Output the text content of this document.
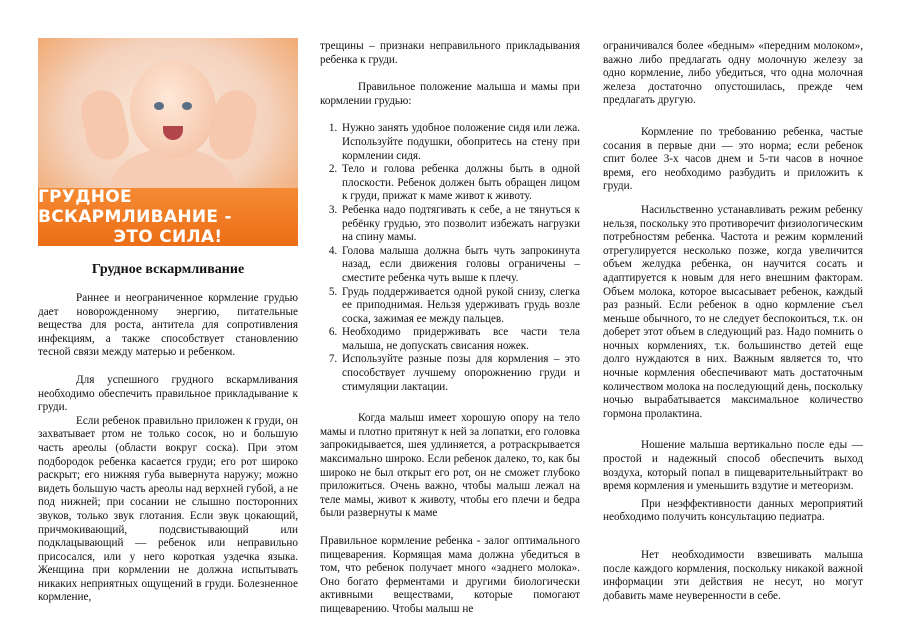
ГРУДНОЕ ВСКАРМЛИВАНИЕ -
ЭТО СИЛА!
Грудное вскармливание

Раннее и неограниченное кормление грудью дает новорожденному энергию, питательные вещества для роста, антитела для сопротивления инфекциям, а также способствует становлению тесной связи между матерью и ребенком.

Для успешного грудного вскармливания необходимо обеспечить правильное прикладывание к груди.

Если ребенок правильно приложен к груди, он захватывает ртом не только сосок, но и большую часть ареолы (области вокруг соска). При этом подбородок ребенка касается груди; его рот широко раскрыт; его нижняя губа вывернута наружу; можно видеть большую часть ареолы над верхней губой, а не под нижней; при сосании не слышно посторонних звуков, только звук глотания. Если звук цокающий, причмокивающий, подсвистывающий или подклацывающий — ребенок или неправильно присосался, или у него короткая уздечка языка. Женщина при кормлении не должна испытывать никаких неприятных ощущений в груди. Болезненное кормление,

трещины – признаки неправильного прикладывания ребенка к груди.

Правильное положение малыша и мамы при кормлении грудью:

1. Нужно занять удобное положение сидя или лежа. Используйте подушки, обопритесь на стену при кормлении сидя.
2. Тело и голова ребенка должны быть в одной плоскости. Ребенок должен быть обращен лицом к груди, прижат к маме живот к животу.
3. Ребенка надо подтягивать к себе, а не тянуться к ребёнку грудью, это позволит избежать нагрузки на спину мамы.
4. Голова малыша должна быть чуть запрокинута назад, если движения головы ограничены – сместите ребенка чуть выше к плечу.
5. Грудь поддерживается одной рукой снизу, слегка ее приподнимая. Нельзя удерживать грудь возле соска, зажимая ее между пальцев.
6. Необходимо придерживать все части тела малыша, не допускать свисания ножек.
7. Используйте разные позы для кормления – это способствует лучшему опорожнению груди и стимуляции лактации.

Когда малыш имеет хорошую опору на тело мамы и плотно притянут к ней за лопатки, его головка запрокидывается, шея удлиняется, а ротраскрывается максимально широко. Если ребенок далеко, то, как бы широко не был открыт его рот, он не сможет глубоко приложиться. Очень важно, чтобы малыш лежал на теле мамы, живот к животу, чтобы его плечи и бедра были развернуты к маме

Правильное кормление ребенка - залог оптимального пищеварения. Кормящая мама должна убедиться в том, что ребенок получает много «заднего молока». Оно богато ферментами и другими биологически активными веществами, которые помогают пищеварению. Чтобы малыш не

ограничивался более «бедным» «передним молоком», важно либо предлагать одну молочную железу за одно кормление, либо убедиться, что одна молочная железа достаточно опустошилась, прежде чем предлагать другую.

Кормление по требованию ребенка, частые сосания в первые дни — это норма; если ребенок спит более 3-х часов днем и 5-ти часов в ночное время, его необходимо разбудить и приложить к груди.

Насильственно устанавливать режим ребенку нельзя, поскольку это противоречит физиологическим потребностям ребенка. Частота и режим кормлений отрегулируется несколько позже, когда увеличится объем желудка ребенка, он научится сосать и адаптируется к новым для него внешним факторам. Объем молока, которое высасывает ребенок, каждый раз разный. Если ребенок в одно кормление съел меньше обычного, то не следует беспокоиться, т.к. он доберет этот объем в следующий раз. Надо помнить о ночных кормлениях, т.к. большинство детей еще долго нуждаются в них. Важным является то, что ночные кормления обеспечивают мать достаточным количеством молока на последующий день, поскольку ночью вырабатывается максимальное количество гормона пролактина.

Ношение малыша вертикально после еды — простой и надежный способ обеспечить выход воздуха, который попал в пищеварительныйтракт во время кормления и уменьшить вздутие и метеоризм.

При неэффективности данных мероприятий необходимо получить консультацию педиатра.

Нет необходимости взвешивать малыша после каждого кормления, поскольку никакой важной информации эти действия не несут, но могут добавить маме неуверенности в себе.
